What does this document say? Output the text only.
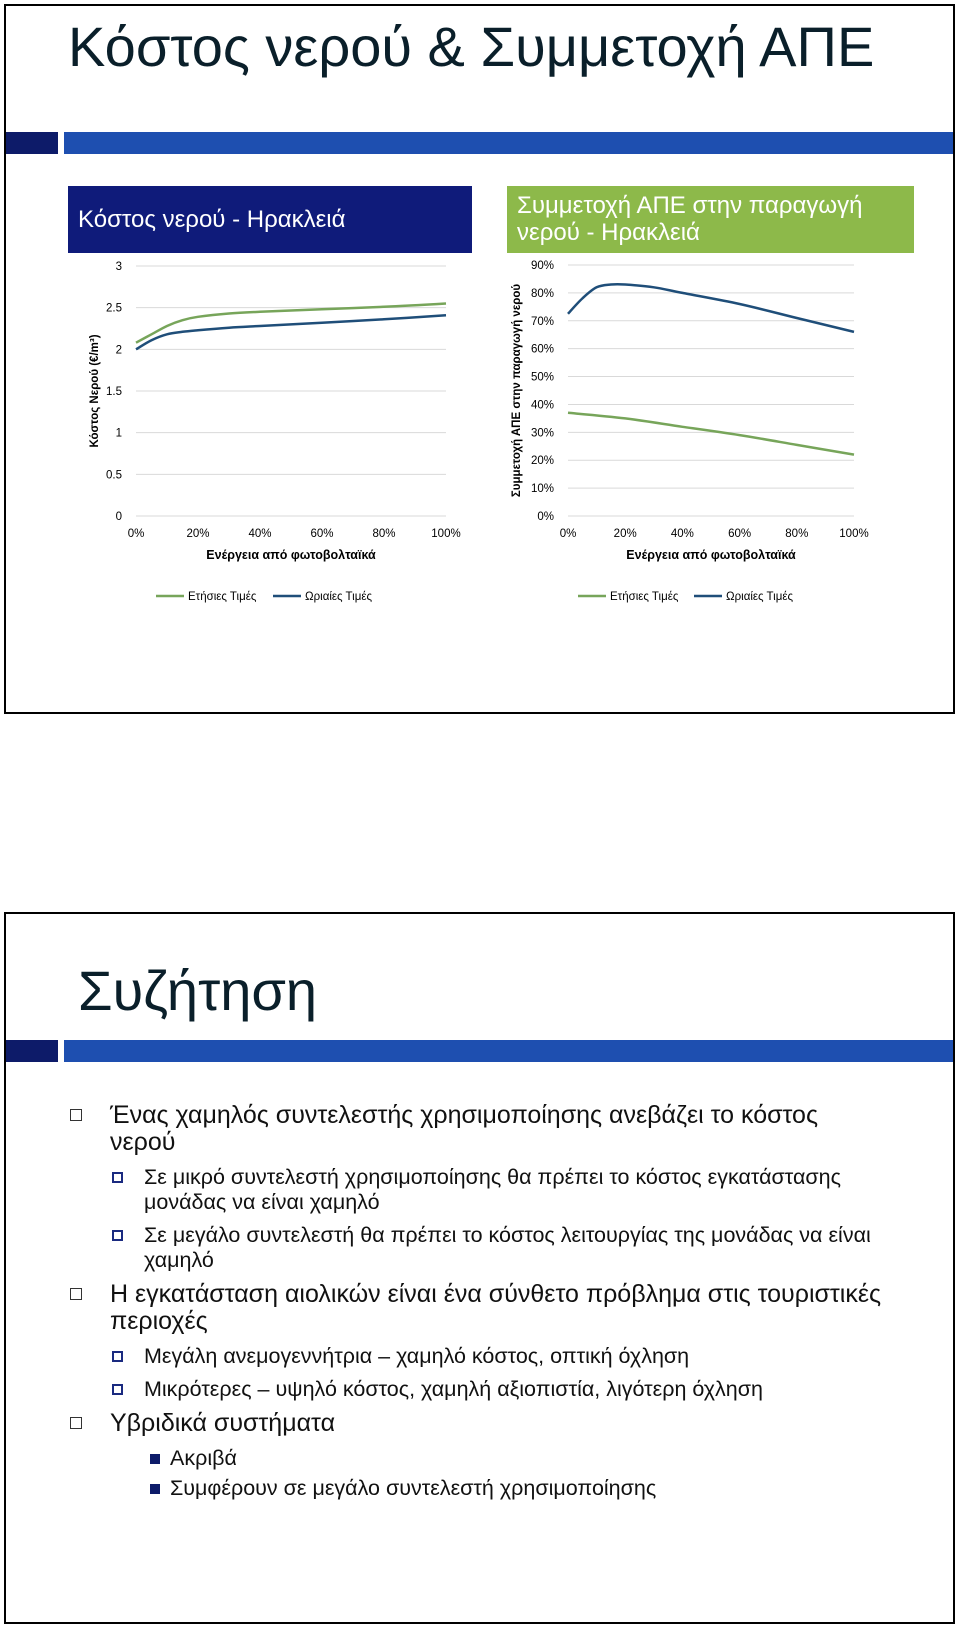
Κόστος νερού & Συμμετοχή ΑΠΕ
Κόστος νερού - Ηρακλειά
Συμμετοχή ΑΠΕ στην παραγωγή νερού - Ηρακλειά
0
0.5
1
1.5
2
2.5
3
0%	20%	40%	60%	80%	100%
Ενέργεια από φωτοβολταϊκά
Κόστος Νερού (€/m³)
Ετήσιες Τιμές	Ωριαίες Τιμές
0%
10%
20%
30%
40%
50%
60%
70%
80%
90%
0%	20%	40%	60%	80%	100%
Ενέργεια από φωτοβολταϊκά
Συμμετοχή ΑΠΕ στην παραγωγή νερού
Ετήσιες Τιμές	Ωριαίες Τιμές
Συζήτηση
Ένας χαμηλός συντελεστής χρησιμοποίησης ανεβάζει το κόστος νερού
Σε μικρό συντελεστή χρησιμοποίησης θα πρέπει το κόστος εγκατάστασης μονάδας να είναι χαμηλό
Σε μεγάλο συντελεστή θα πρέπει το κόστος λειτουργίας της μονάδας να είναι χαμηλό
Η εγκατάσταση αιολικών είναι ένα σύνθετο πρόβλημα στις τουριστικές περιοχές
Μεγάλη ανεμογεννήτρια – χαμηλό κόστος, οπτική όχληση
Μικρότερες – υψηλό κόστος, χαμηλή αξιοπιστία, λιγότερη όχληση
Υβριδικά συστήματα
Ακριβά
Συμφέρουν σε μεγάλο συντελεστή χρησιμοποίησης
